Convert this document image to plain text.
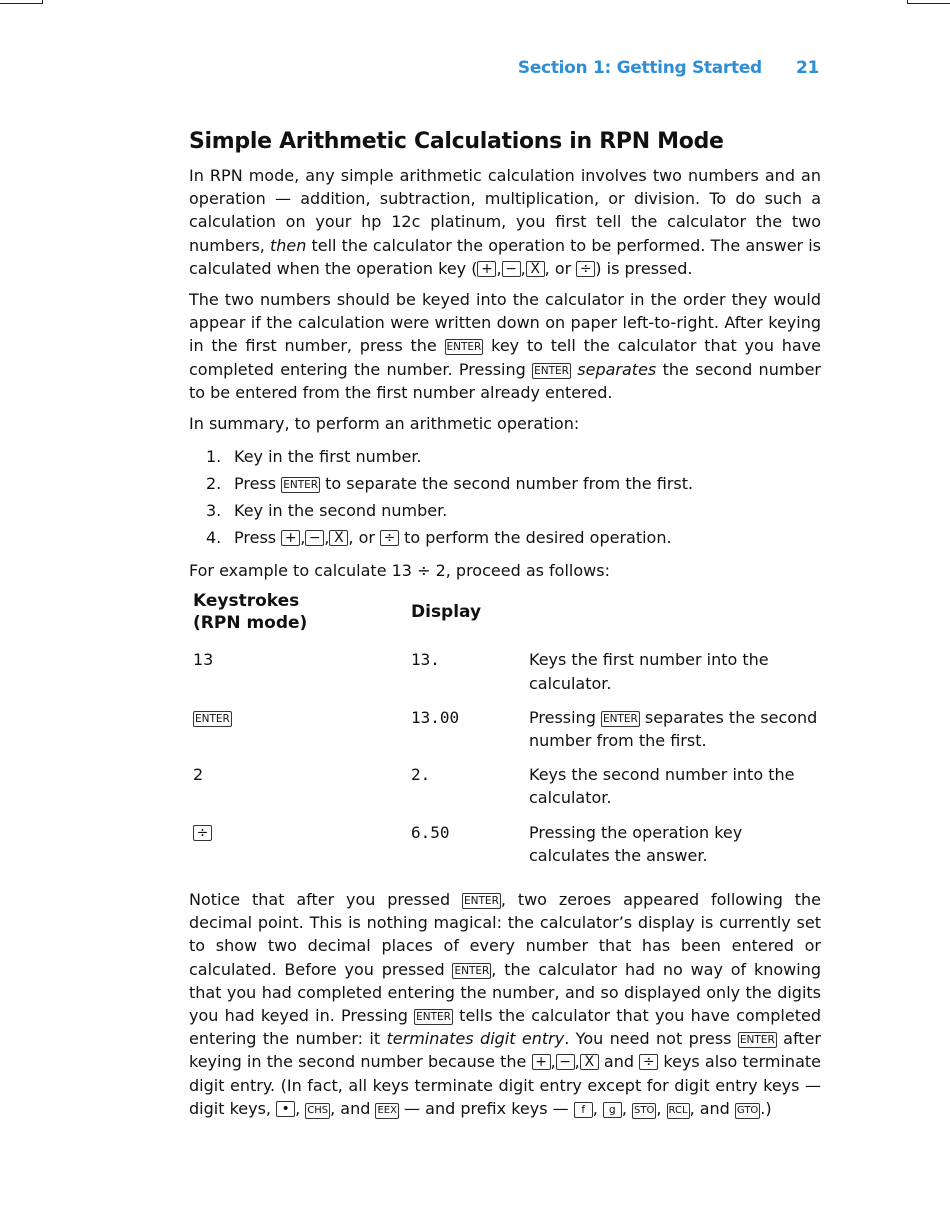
Section 1: Getting Started 21
Simple Arithmetic Calculations in RPN Mode

In RPN mode, any simple arithmetic calculation involves two numbers and an operation — addition, subtraction, multiplication, or division. To do such a calculation on your hp 12c platinum, you first tell the calculator the two numbers, then tell the calculator the operation to be performed. The answer is calculated when the operation key ( + , − , X , or ÷ ) is pressed.

The two numbers should be keyed into the calculator in the order they would appear if the calculation were written down on paper left-to-right. After keying in the first number, press the ENTER key to tell the calculator that you have completed entering the number. Pressing ENTER separates the second number to be entered from the first number already entered.

In summary, to perform an arithmetic operation:

1. Key in the first number.
2. Press ENTER to separate the second number from the first.
3. Key in the second number.
4. Press + , − , X , or ÷ to perform the desired operation.

For example to calculate 13 ÷ 2, proceed as follows:

Keystrokes
(RPN mode)	Display	
13	13.	Keys the first number into the calculator.
ENTER	13.00	Pressing ENTER separates the second number from the first.
2	2.	Keys the second number into the calculator.
÷	6.50	Pressing the operation key calculates the answer.

Notice that after you pressed ENTER , two zeroes appeared following the decimal point. This is nothing magical: the calculator’s display is currently set to show two decimal places of every number that has been entered or calculated. Before you pressed ENTER , the calculator had no way of knowing that you had completed entering the number, and so displayed only the digits you had keyed in. Pressing ENTER tells the calculator that you have completed entering the number: it terminates digit entry. You need not press ENTER after keying in the second number because the + , − , X and ÷ keys also terminate digit entry. (In fact, all keys terminate digit entry except for digit entry keys — digit keys, • , CHS , and EEX — and prefix keys — f , g , STO , RCL , and GTO .)
